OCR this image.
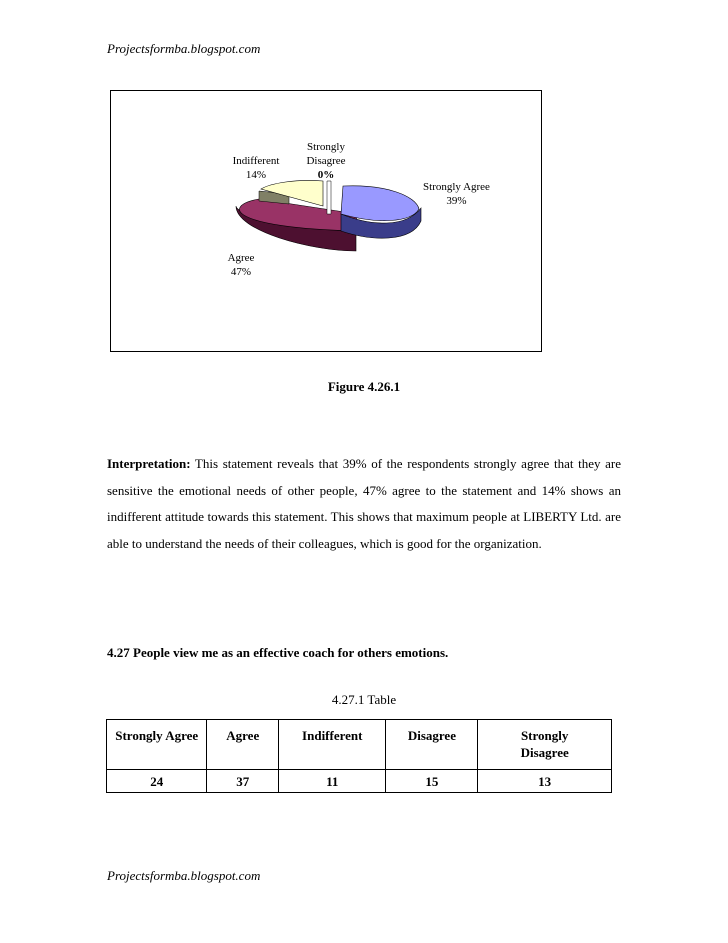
Projectsformba.blogspot.com
Indifferent
14%
Strongly
Disagree
0%
Strongly Agree
39%
Agree
47%
Figure 4.26.1
Interpretation: This statement reveals that 39% of the respondents strongly agree that they are sensitive the emotional needs of other people, 47% agree to the statement and 14% shows an indifferent attitude towards this statement. This shows that maximum people at LIBERTY Ltd. are able to understand the needs of their colleagues, which is good for the organization.
4.27 People view me as an effective coach for others emotions.
4.27.1 Table
Strongly Agree	Agree	Indifferent	Disagree	Strongly Disagree
24	37	11	15	13
Projectsformba.blogspot.com
